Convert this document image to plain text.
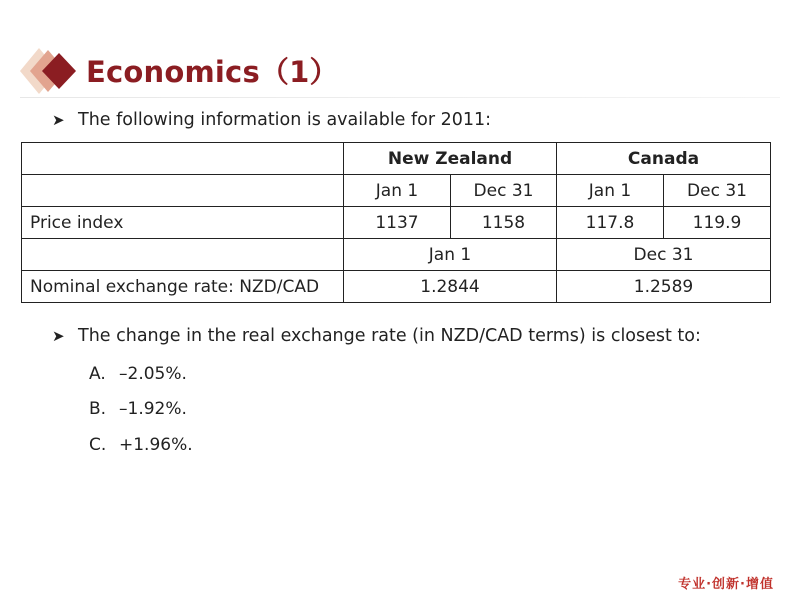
Economics（1）
➤ The following information is available for 2011:
	New Zealand		Canada	
	Jan 1	Dec 31	Jan 1	Dec 31
Price index	1137	1158	117.8	119.9
	Jan 1		Dec 31	
Nominal exchange rate: NZD/CAD	1.2844		1.2589	
➤ The change in the real exchange rate (in NZD/CAD terms) is closest to:
A. –2.05%.
B. –1.92%.
C. +1.96%.
专业·创新·增值
